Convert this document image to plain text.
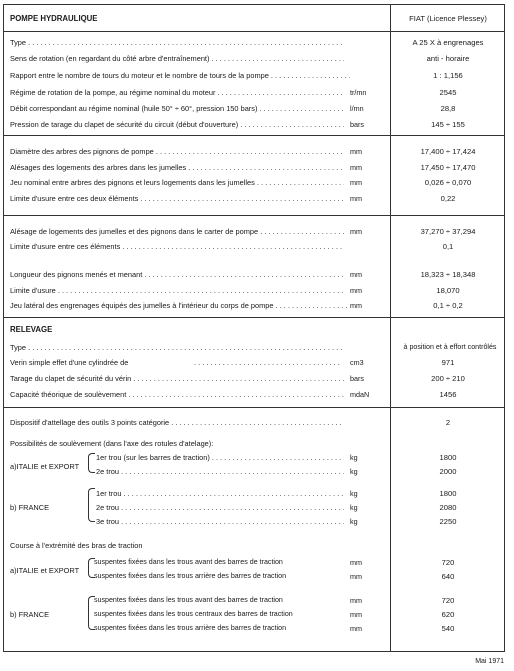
POMPE HYDRAULIQUE	FIAT (Licence Plessey)
Type . . .	A 25 X à engrenages
Sens de rotation (en regardant du côté arbre d'entraînement) . . .	anti - horaire
Rapport entre le nombre de tours du moteur et le nombre de tours de la pompe . . .	1 : 1,156
Régime de rotation de la pompe, au régime nominal du moteur . . .	tr/mn	2545
Débit correspondant au régime nominal (huile 50° ÷ 60°, pression 150 bars) . . .	l/mn	28,8
Pression de tarage du clapet de sécurité du circuit (début d'ouverture) . . .	bars	145 ÷ 155
Diamètre des arbres des pignons de pompe . . .	mm	17,400 ÷ 17,424
Alésages des logements des arbres dans les jumelles . . .	mm	17,450 ÷ 17,470
Jeu nominal entre arbres des pignons et leurs logements dans les jumelles . . .	mm	0,026 ÷ 0,070
Limite d'usure entre ces deux éléments . . .	mm	0,22
Alésage de logements des jumelles et des pignons dans le carter de pompe . . .	mm	37,270 ÷ 37,294
Limite d'usure entre ces éléments . . .	0,1
Longueur des pignons menés et menant . . .	mm	18,323 ÷ 18,348
Limite d'usure . . .	mm	18,070
Jeu latéral des engrenages équipés des jumelles à l'intérieur du corps de pompe . . .	mm	0,1 ÷ 0,2
RELEVAGE
Type . . .	à position et à effort contrôlés
Verin simple effet d'une cylindrée de	. . . . . . . . . . . . . . . . . . . . . . . . . . . . . . . . . . . .	cm3	971
Tarage du clapet de sécurité du vérin . . .	bars	200 ÷ 210
Capacité théorique de soulèvement . . .	mdaN	1456
Dispositif d'attellage des outils 3 points catégorie . . .	2
Possibilités de soulèvement (dans l'axe des rotules d'atelage):
a)ITALIE et EXPORT
1er trou (sur les barres de traction) . . .	kg	1800
2e trou . . .	kg	2000
b) FRANCE
1er trou . . .	kg	1800
2e trou . . .	kg	2080
3e trou . . .	kg	2250
Course à l'extrémité des bras de traction
a)ITALIE et EXPORT
suspentes fixées dans les trous avant des barres de traction	mm	720
suspentes fixées dans les trous arrière des barres de traction	mm	640
b) FRANCE
suspentes fixées dans les trous avant des barres de traction	mm	720
suspentes fixées dans les trous centraux des barres de traction	mm	620
suspentes fixées dans les trous arrière des barres de traction	mm	540
Mai 1971
